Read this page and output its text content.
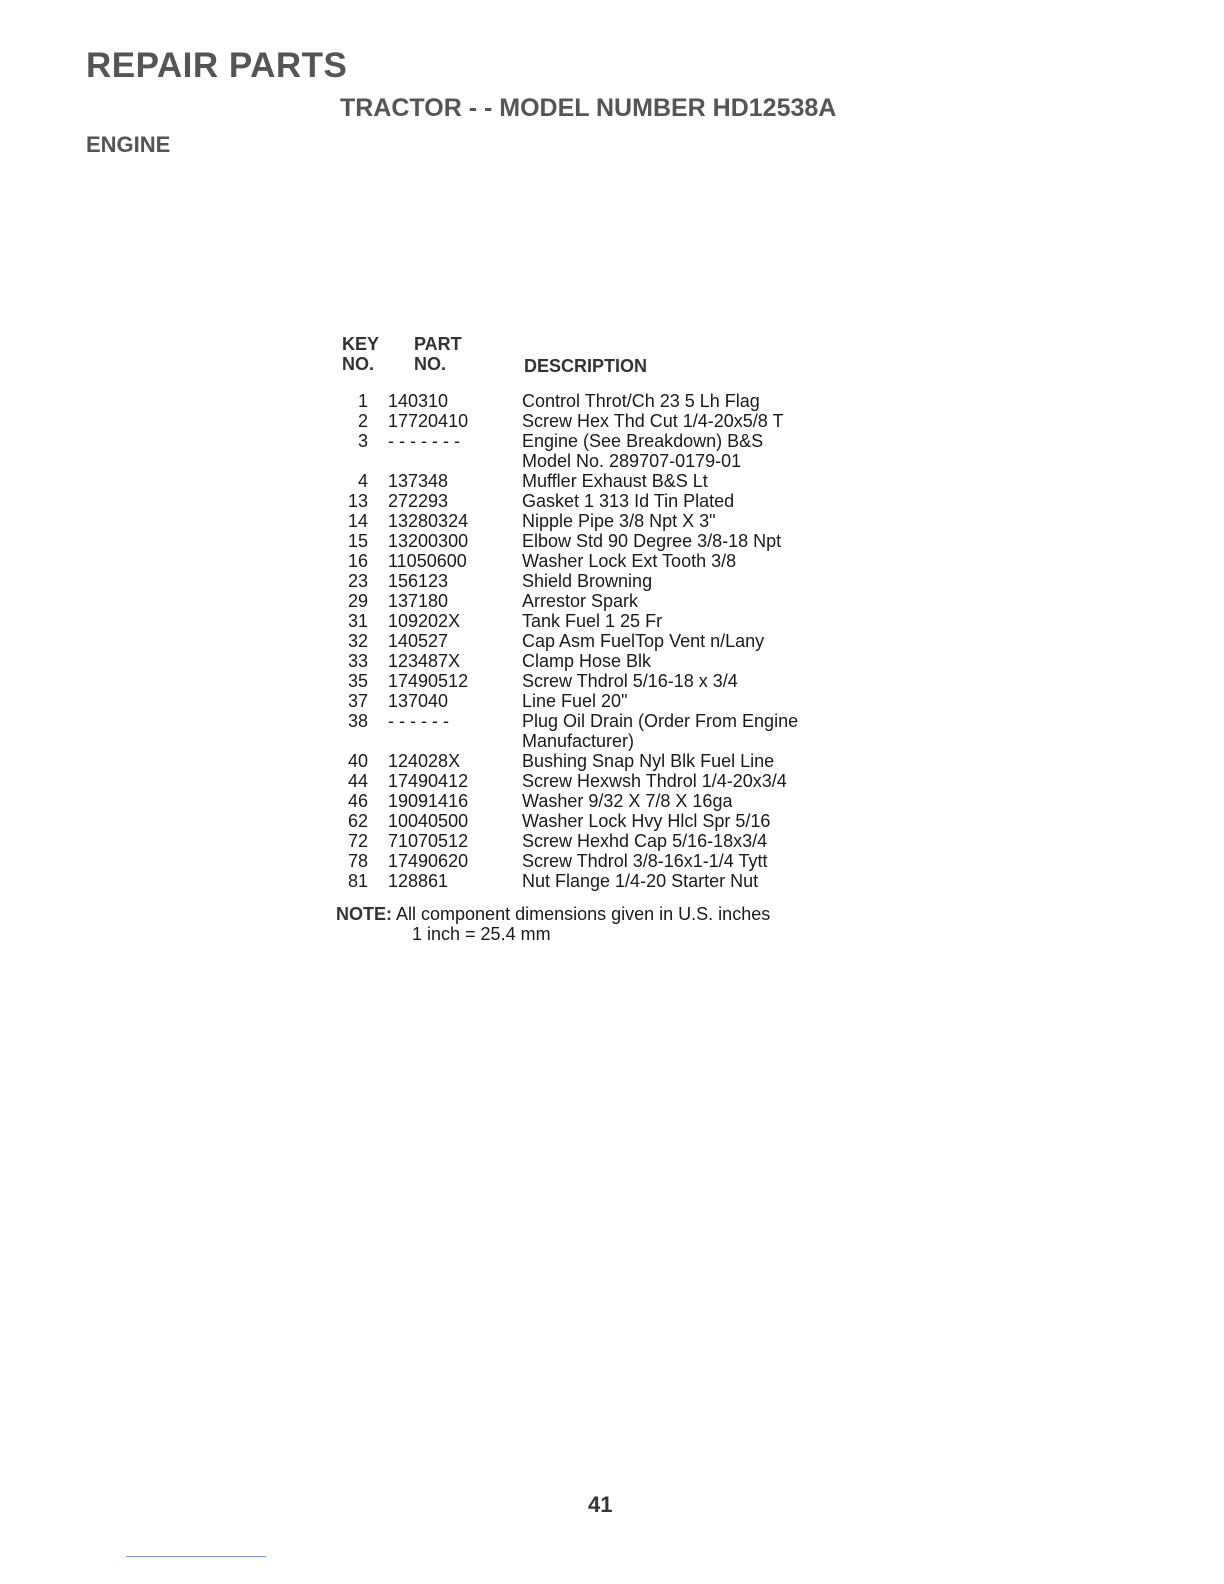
REPAIR PARTS
TRACTOR - - MODEL NUMBER HD12538A
ENGINE
KEY
NO.
PART
NO.	DESCRIPTION
1	140310	Control Throt/Ch 23 5 Lh Flag
2	17720410	Screw Hex Thd Cut 1/4-20x5/8 T
3	- - - - - - -	Engine (See Breakdown) B&S
Model No. 289707-0179-01
4	137348	Muffler Exhaust B&S Lt
13	272293	Gasket 1 313 Id Tin Plated
14	13280324	Nipple Pipe 3/8 Npt X 3"
15	13200300	Elbow Std 90 Degree 3/8-18 Npt
16	11050600	Washer Lock Ext Tooth 3/8
23	156123	Shield Browning
29	137180	Arrestor Spark
31	109202X	Tank Fuel 1 25 Fr
32	140527	Cap Asm FuelTop Vent n/Lany
33	123487X	Clamp Hose Blk
35	17490512	Screw Thdrol 5/16-18 x 3/4
37	137040	Line Fuel 20"
38	- - - - - -	Plug Oil Drain (Order From Engine
Manufacturer)
40	124028X	Bushing Snap Nyl Blk Fuel Line
44	17490412	Screw Hexwsh Thdrol 1/4-20x3/4
46	19091416	Washer 9/32 X 7/8 X 16ga
62	10040500	Washer Lock Hvy Hlcl Spr 5/16
72	71070512	Screw Hexhd Cap 5/16-18x3/4
78	17490620	Screw Thdrol 3/8-16x1-1/4 Tytt
81	128861	Nut Flange 1/4-20 Starter Nut
NOTE: All component dimensions given in U.S. inches
1 inch = 25.4 mm
41
